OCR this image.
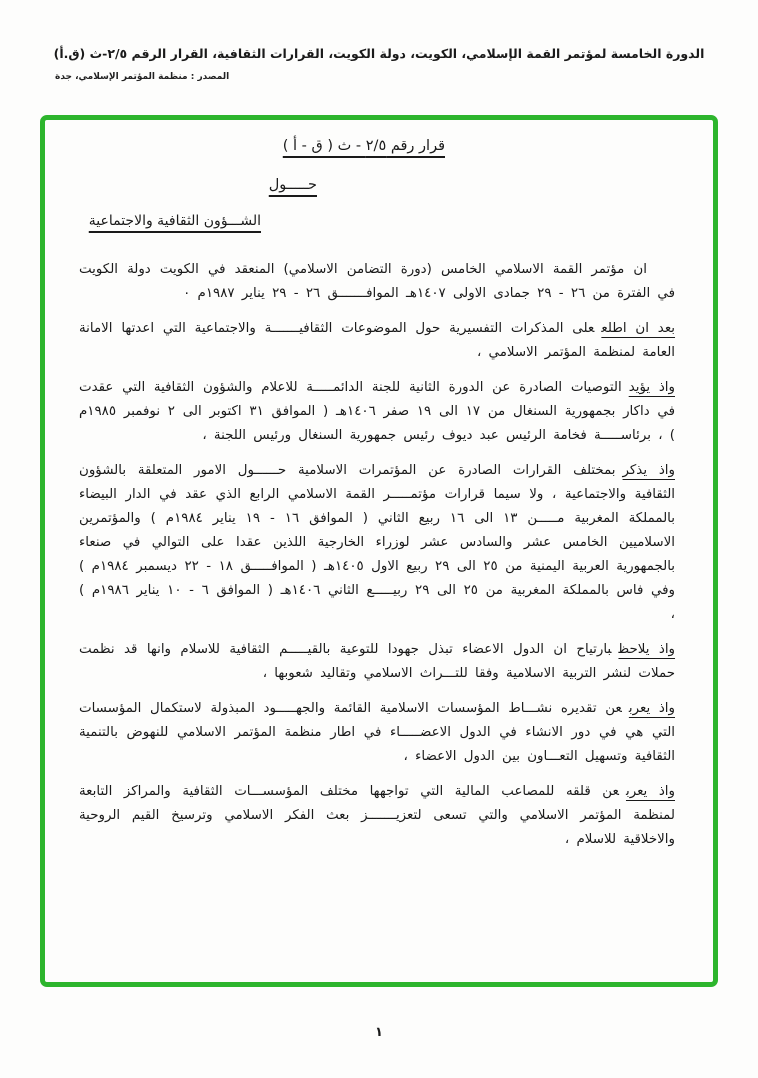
الدورة الخامسة لمؤتمر القمة الإسلامي، الكويت، دولة الكويت، القرارات الثقافية، القرار الرقم ٢/٥-ث (ق.أ)
المصدر : منظمة المؤتمر الإسلامي، جدة
قرار رقم ٢/٥ - ث ( ق - أ )
حـــــول
الشـــؤون الثقافية والاجتماعية

ان مؤتمر القمة الاسلامي الخامس (دورة التضامن الاسلامي) المنعقد في الكويت دولة الكويت في الفترة من ٢٦ - ٢٩ جمادى الاولى ١٤٠٧هـ الموافـــــــق ٢٦ - ٢٩ يناير ١٩٨٧م ٠

بعد ان اطلععلى المذكرات التفسيرية حول الموضوعات الثقافيـــــــة والاجتماعية التي اعدتها الامانة العامة لمنظمة المؤتمر الاسلامي ،

واذ يؤيدالتوصيات الصادرة عن الدورة الثانية للجنة الدائمـــــة للاعلام والشؤون الثقافية التي عقدت في داكار بجمهورية السنغال من ١٧ الى ١٩ صفر ١٤٠٦هـ ( الموافق ٣١ اكتوبر الى ٢ نوفمبر ١٩٨٥م ) ، برئاســـــة فخامة الرئيس عبد ديوف رئيس جمهورية السنغال ورئيس اللجنة ،

واذ يذكربمختلف القرارات الصادرة عن المؤتمرات الاسلامية حــــــول الامور المتعلقة بالشؤون الثقافية والاجتماعية ، ولا سيما قرارات مؤتمـــــر القمة الاسلامي الرابع الذي عقد في الدار البيضاء بالمملكة المغربية مـــــن ١٣ الى ١٦ ربيع الثاني ( الموافق ١٦ - ١٩ يناير ١٩٨٤م ) والمؤتمرين الاسلاميين الخامس عشر والسادس عشر لوزراء الخارجية اللذين عقدا على التوالي في صنعاء بالجمهورية العربية اليمنية من ٢٥ الى ٢٩ ربيع الاول ١٤٠٥هـ ( الموافـــــق ١٨ - ٢٢ ديسمبر ١٩٨٤م ) وفي فاس بالمملكة المغربية من ٢٥ الى ٢٩ ربيـــــع الثاني ١٤٠٦هـ ( الموافق ٦ - ١٠ يناير ١٩٨٦م ) ،

واذ يلاحظبارتياح ان الدول الاعضاء تبذل جهودا للتوعية بالقيـــــم الثقافية للاسلام وانها قد نظمت حملات لنشر التربية الاسلامية وفقا للتـــراث الاسلامي وتقاليد شعوبها ،

واذ يعربعن تقديره نشـــاط المؤسسات الاسلامية القائمة والجهـــــود المبذولة لاستكمال المؤسسات التي هي في دور الانشاء في الدول الاعضـــــاء في اطار منظمة المؤتمر الاسلامي للنهوض بالتنمية الثقافية وتسهيل التعـــاون بين الدول الاعضاء ،

واذ يعربعن قلقه للمصاعب المالية التي تواجهها مختلف المؤسســـات الثقافية والمراكز التابعة لمنظمة المؤتمر الاسلامي والتي تسعى لتعزيـــــــز بعث الفكر الاسلامي وترسيخ القيم الروحية والاخلاقية للاسلام ،

١
